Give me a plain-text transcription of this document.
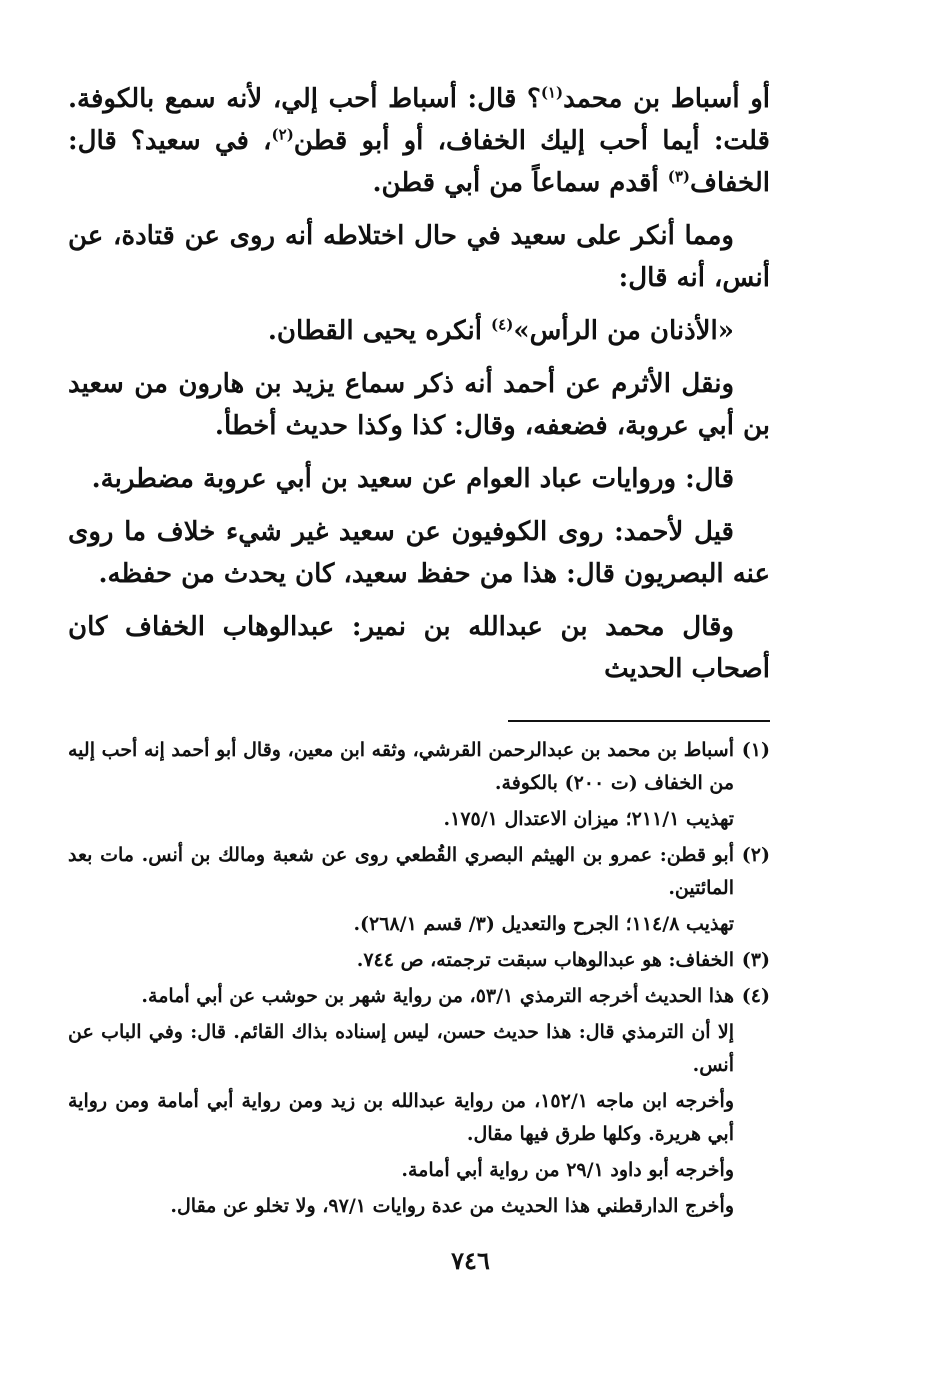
أو أسباط بن محمد$^{(١)}$؟ قال: أسباط أحب إلي، لأنه سمع بالكوفة. قلت: أيما أحب إليك الخفاف، أو أبو قطن$^{(٢)}$، في سعيد؟ قال: الخفاف$^{(٣)}$ أقدم سماعاً من أبي قطن.

ومما أنكر على سعيد في حال اختلاطه أنه روى عن قتادة، عن أنس، أنه قال:

«الأذنان من الرأس»$^{(٤)}$ أنكره يحيى القطان.

ونقل الأثرم عن أحمد أنه ذكر سماع يزيد بن هارون من سعيد بن أبي عروبة، فضعفه، وقال: كذا وكذا حديث أخطأ.

قال: وروايات عباد العوام عن سعيد بن أبي عروبة مضطربة.

قيل لأحمد: روى الكوفيون عن سعيد غير شيء خلاف ما روى عنه البصريون قال: هذا من حفظ سعيد، كان يحدث من حفظه.

وقال محمد بن عبدالله بن نمير: عبدالوهاب الخفاف كان أصحاب الحديث

(١)

أسباط بن محمد بن عبدالرحمن القرشي، وثقه ابن معين، وقال أبو أحمد إنه أحب إليه من الخفاف (ت ٢٠٠) بالكوفة.

تهذيب ٢١١/١؛ ميزان الاعتدال ١٧٥/١.

(٢)

أبو قطن: عمرو بن الهيثم البصري القُطعي روى عن شعبة ومالك بن أنس. مات بعد المائتين.

تهذيب ١١٤/٨؛ الجرح والتعديل (٣/ قسم ٢٦٨/١).

(٣)

الخفاف: هو عبدالوهاب سبقت ترجمته، ص ٧٤٤.

(٤)

هذا الحديث أخرجه الترمذي ٥٣/١، من رواية شهر بن حوشب عن أبي أمامة.

إلا أن الترمذي قال: هذا حديث حسن، ليس إسناده بذاك القائم. قال: وفي الباب عن أنس.

وأخرجه ابن ماجه ١٥٢/١، من رواية عبدالله بن زيد ومن رواية أبي أمامة ومن رواية أبي هريرة. وكلها طرق فيها مقال.

وأخرجه أبو داود ٢٩/١ من رواية أبي أمامة.

وأخرج الدارقطني هذا الحديث من عدة روايات ٩٧/١، ولا تخلو عن مقال.

٧٤٦
